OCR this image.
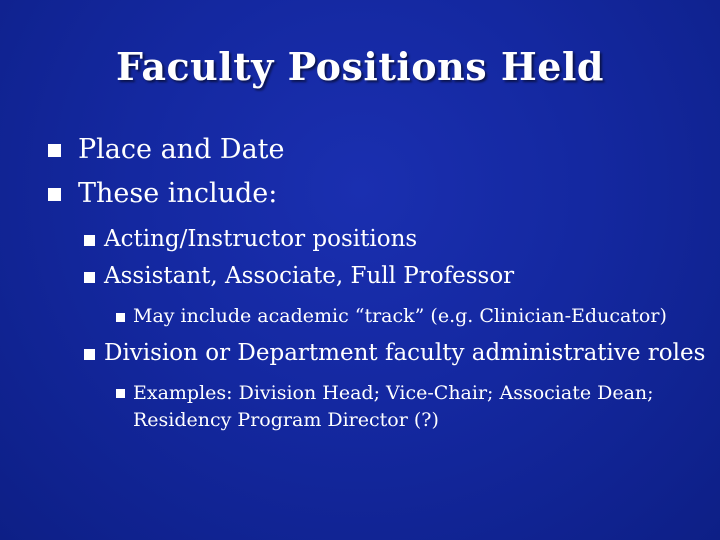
Faculty Positions Held
Place and Date
These include:
Acting/Instructor positions
Assistant, Associate, Full Professor
May include academic “track” (e.g. Clinician-Educator)
Division or Department faculty administrative roles
Examples: Division Head; Vice-Chair; Associate Dean; Residency Program Director (?)
